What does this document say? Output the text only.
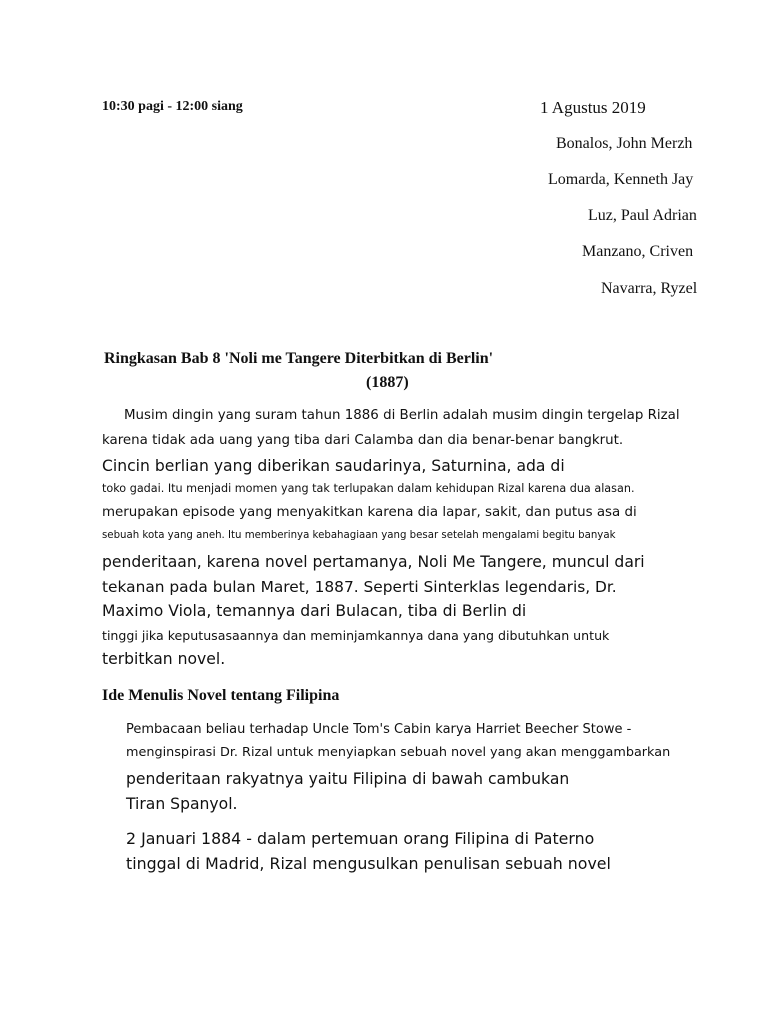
10:30 pagi - 12:00 siang	1 Agustus 2019
Bonalos, John Merzh
Lomarda, Kenneth Jay
Luz, Paul Adrian
Manzano, Criven
Navarra, Ryzel
Ringkasan Bab 8 'Noli me Tangere Diterbitkan di Berlin'
(1887)
Musim dingin yang suram tahun 1886 di Berlin adalah musim dingin tergelap Rizal
karena tidak ada uang yang tiba dari Calamba dan dia benar-benar bangkrut.
Cincin berlian yang diberikan saudarinya, Saturnina, ada di
toko gadai. Itu menjadi momen yang tak terlupakan dalam kehidupan Rizal karena dua alasan.
merupakan episode yang menyakitkan karena dia lapar, sakit, dan putus asa di
sebuah kota yang aneh. Itu memberinya kebahagiaan yang besar setelah mengalami begitu banyak
penderitaan, karena novel pertamanya, Noli Me Tangere, muncul dari
tekanan pada bulan Maret, 1887. Seperti Sinterklas legendaris, Dr.
Maximo Viola, temannya dari Bulacan, tiba di Berlin di
tinggi jika keputusasaannya dan meminjamkannya dana yang dibutuhkan untuk
terbitkan novel.
Ide Menulis Novel tentang Filipina
Pembacaan beliau terhadap Uncle Tom's Cabin karya Harriet Beecher Stowe -
menginspirasi Dr. Rizal untuk menyiapkan sebuah novel yang akan menggambarkan
penderitaan rakyatnya yaitu Filipina di bawah cambukan
Tiran Spanyol.
2 Januari 1884 - dalam pertemuan orang Filipina di Paterno
tinggal di Madrid, Rizal mengusulkan penulisan sebuah novel
